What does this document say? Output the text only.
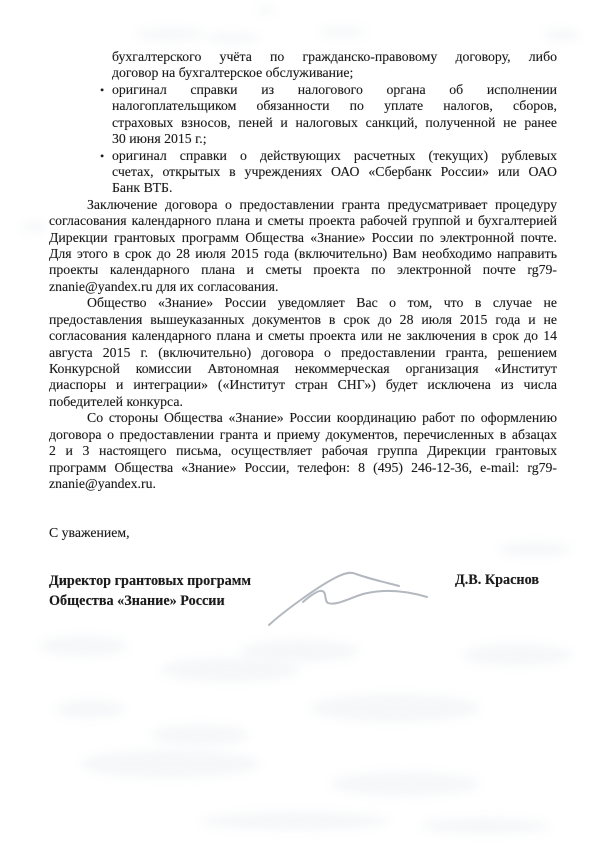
бухгалтерского учёта по гражданско-правовому договору, либо
договор на бухгалтерское обслуживание;
• оригинал справки из налогового органа об исполнении
налогоплательщиком обязанности по уплате налогов, сборов,
страховых взносов, пеней и налоговых санкций, полученной не ранее
30 июня 2015 г.;
• оригинал справки о действующих расчетных (текущих) рублевых
счетах, открытых в учреждениях ОАО «Сбербанк России» или ОАО
Банк ВТБ.
Заключение договора о предоставлении гранта предусматривает процедуру
согласования календарного плана и сметы проекта рабочей группой и бухгалтерией
Дирекции грантовых программ Общества «Знание» России по электронной почте.
Для этого в срок до 28 июля 2015 года (включительно) Вам необходимо направить
проекты календарного плана и сметы проекта по электронной почте rg79-
znanie@yandex.ru для их согласования.
Общество «Знание» России уведомляет Вас о том, что в случае не
предоставления вышеуказанных документов в срок до 28 июля 2015 года и не
согласования календарного плана и сметы проекта или не заключения в срок до 14
августа 2015 г. (включительно) договора о предоставлении гранта, решением
Конкурсной комиссии Автономная некоммерческая организация «Институт
диаспоры и интеграции» («Институт стран СНГ») будет исключена из числа
победителей конкурса.
Со стороны Общества «Знание» России координацию работ по оформлению
договора о предоставлении гранта и приему документов, перечисленных в абзацах
2 и 3 настоящего письма, осуществляет рабочая группа Дирекции грантовых
программ Общества «Знание» России, телефон: 8 (495) 246-12-36, e-mail: rg79-
znanie@yandex.ru.
С уважением,
Директор грантовых программ
Общества «Знание» России
Д.В. Краснов
